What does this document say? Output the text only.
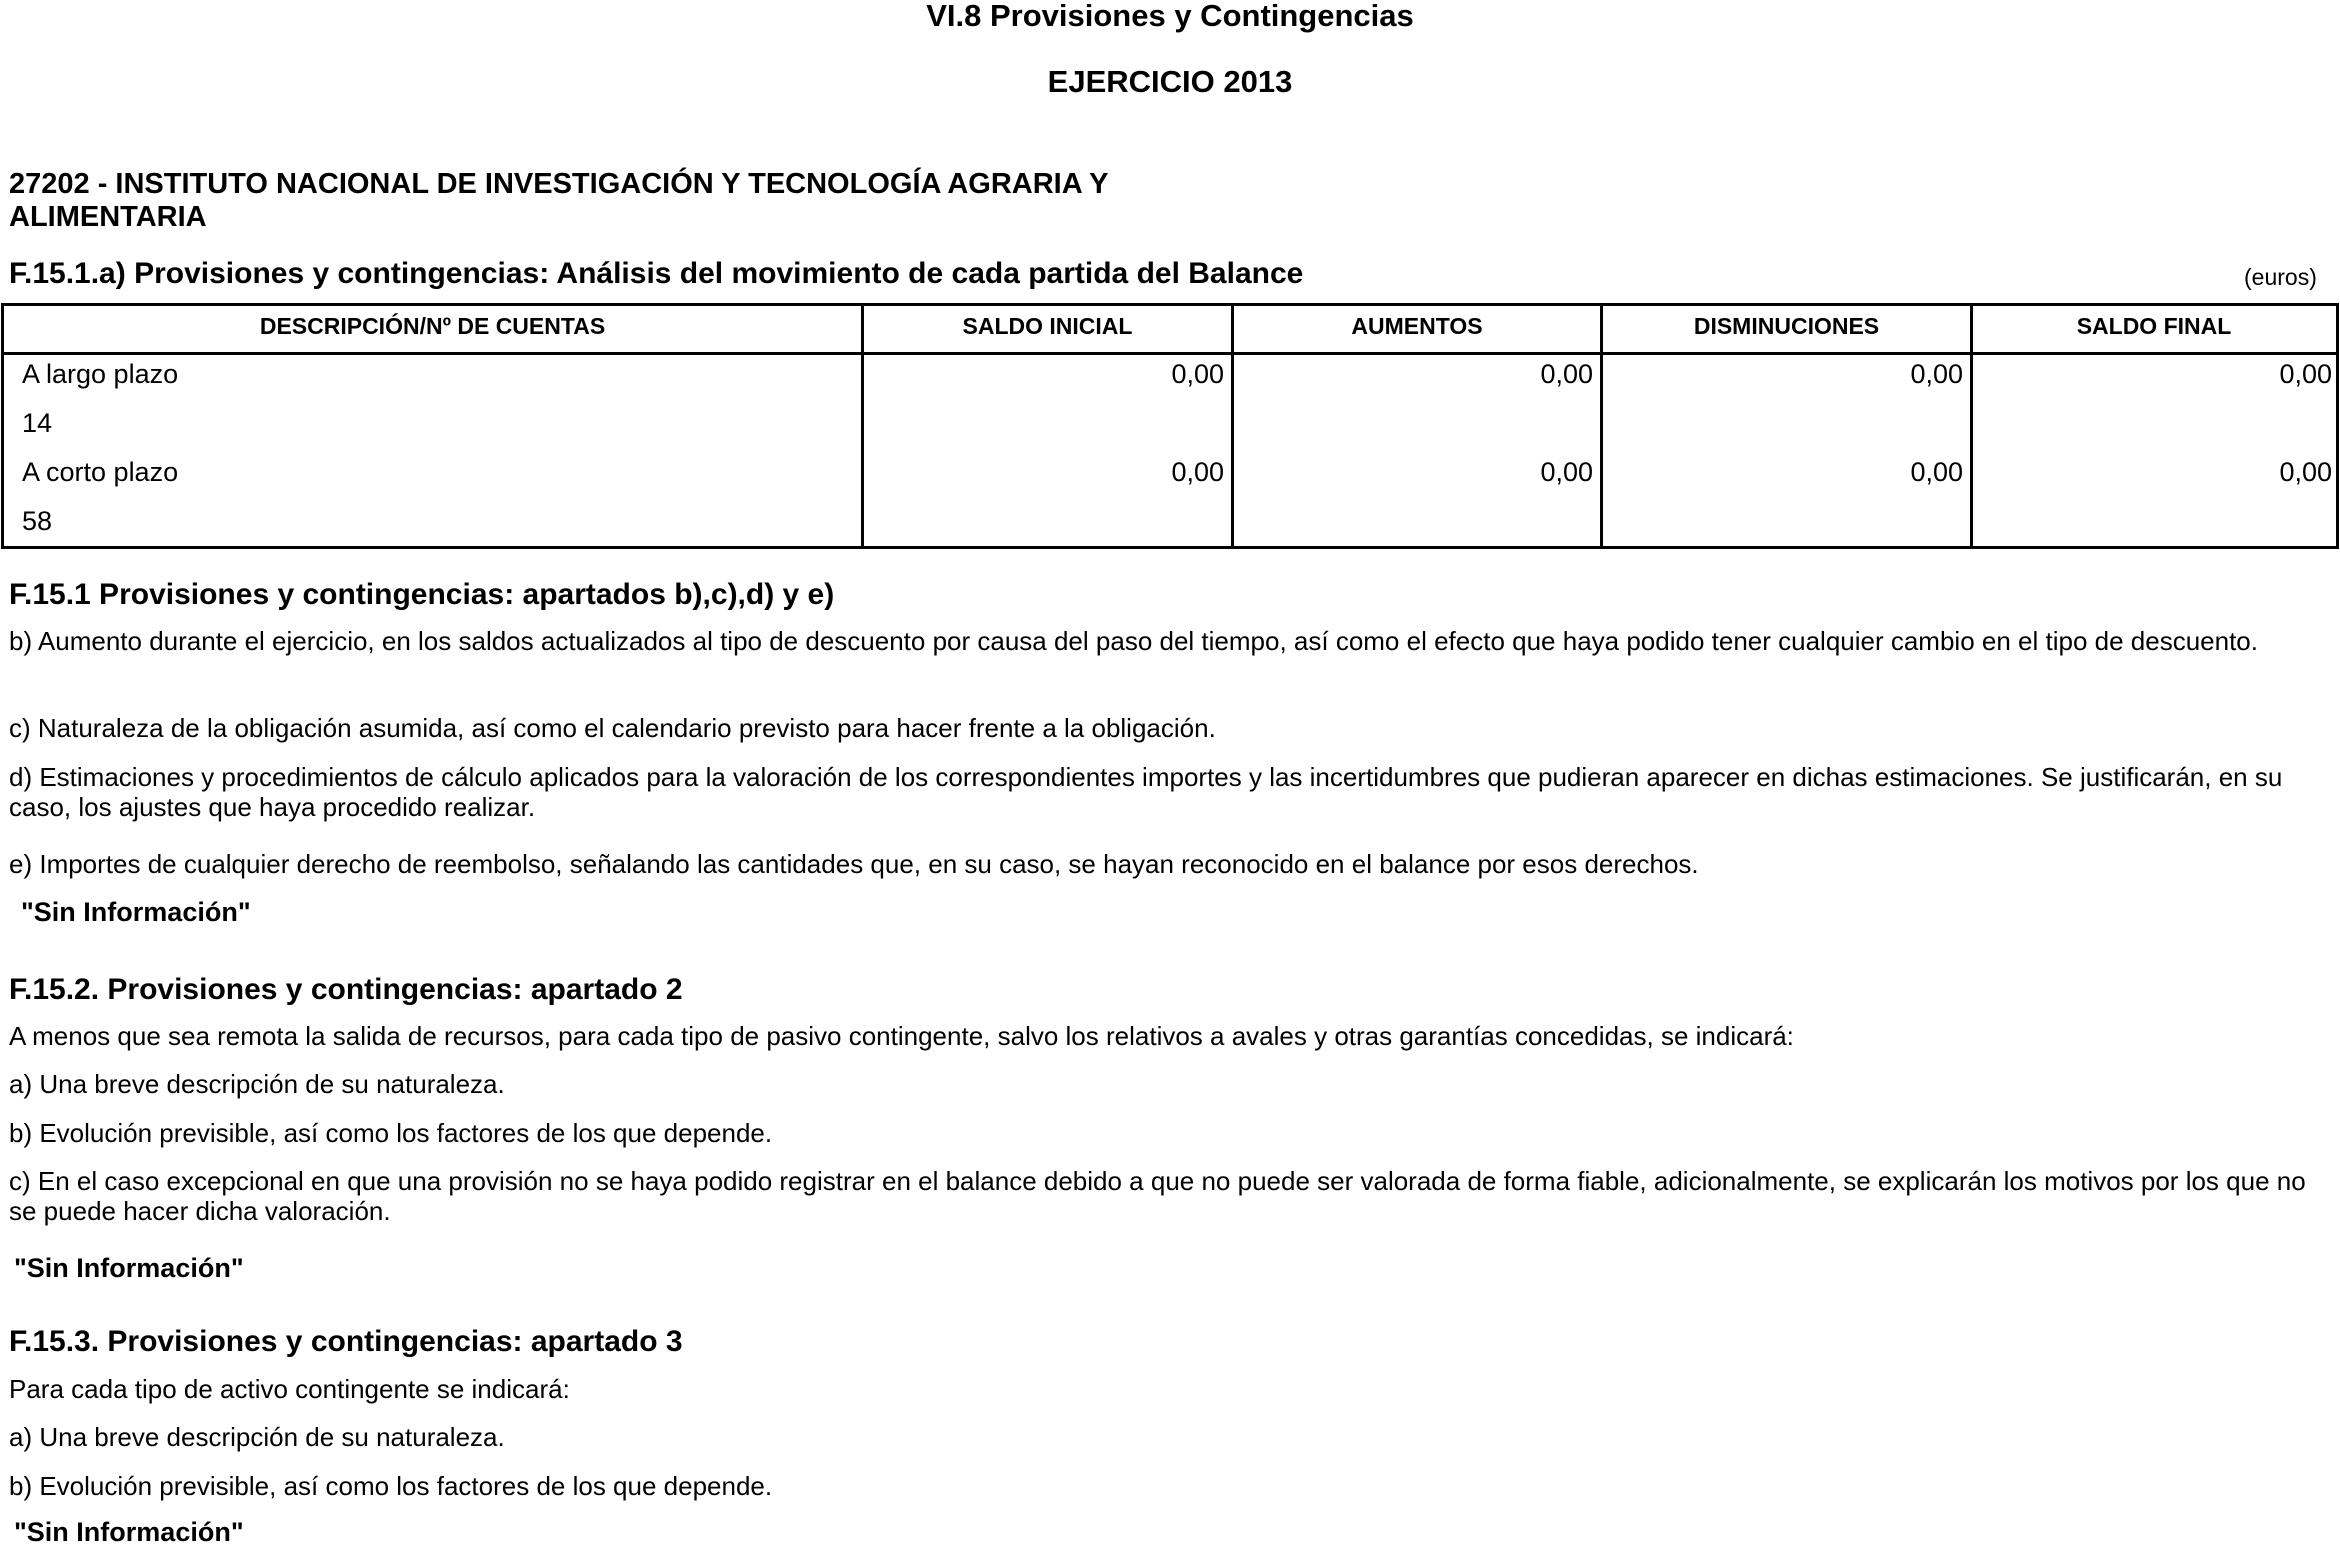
VI.8 Provisiones y Contingencias
EJERCICIO 2013
27202 - INSTITUTO NACIONAL DE INVESTIGACIÓN Y TECNOLOGÍA AGRARIA Y ALIMENTARIA
F.15.1.a) Provisiones y contingencias: Análisis del movimiento de cada partida del Balance	(euros)
DESCRIPCIÓN/Nº DE CUENTAS	SALDO INICIAL	AUMENTOS	DISMINUCIONES	SALDO FINAL
A largo plazo	0,00	0,00	0,00	0,00
14
A corto plazo	0,00	0,00	0,00	0,00
58
F.15.1 Provisiones y contingencias: apartados b),c),d) y e)
b) Aumento durante el ejercicio, en los saldos actualizados al tipo de descuento por causa del paso del tiempo, así como el efecto que haya podido tener cualquier cambio en el tipo de descuento.
c) Naturaleza de la obligación asumida, así como el calendario previsto para hacer frente a la obligación.
d) Estimaciones y procedimientos de cálculo aplicados para la valoración de los correspondientes importes y las incertidumbres que pudieran aparecer en dichas estimaciones. Se justificarán, en su caso, los ajustes que haya procedido realizar.
e) Importes de cualquier derecho de reembolso, señalando las cantidades que, en su caso, se hayan reconocido en el balance por esos derechos.
"Sin Información"
F.15.2. Provisiones y contingencias: apartado 2
A menos que sea remota la salida de recursos, para cada tipo de pasivo contingente, salvo los relativos a avales y otras garantías concedidas, se indicará:
a) Una breve descripción de su naturaleza.
b) Evolución previsible, así como los factores de los que depende.
c) En el caso excepcional en que una provisión no se haya podido registrar en el balance debido a que no puede ser valorada de forma fiable, adicionalmente, se explicarán los motivos por los que no se puede hacer dicha valoración.
"Sin Información"
F.15.3. Provisiones y contingencias: apartado 3
Para cada tipo de activo contingente se indicará:
a) Una breve descripción de su naturaleza.
b) Evolución previsible, así como los factores de los que depende.
"Sin Información"
